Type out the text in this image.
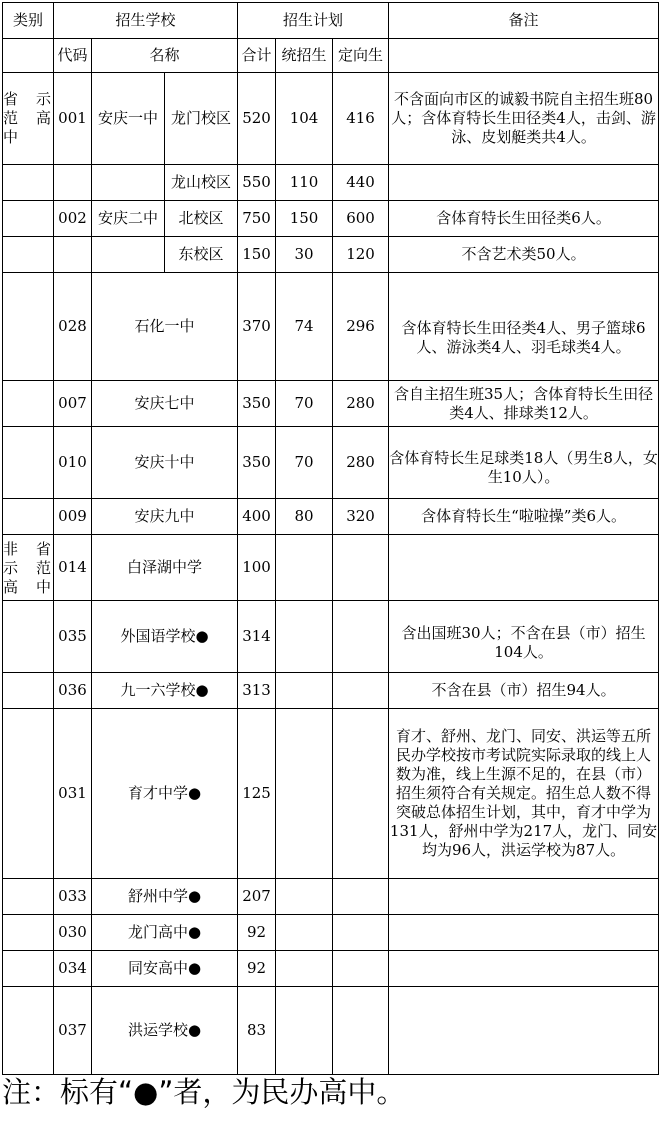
类别	招生学校			招生计划			备注
	代码	名称		合计	统招生	定向生	

省示范高中	001	安庆一中	龙门校区	520	104	416	不含面向市区的诚毅书院自主招生班80人；含体育特长生田径类4人，击剑、游泳、皮划艇类共4人。
			龙山校区	550	110	440	
	002	安庆二中	北校区	750	150	600	含体育特长生田径类6人。
			东校区	150	30	120	不含艺术类50人。
	028	石化一中		370	74	296	含体育特长生田径类4人、男子篮球6人、游泳类4人、羽毛球类4人。
	007	安庆七中		350	70	280	含自主招生班35人；含体育特长生田径类4人、排球类12人。
	010	安庆十中		350	70	280	含体育特长生足球类18人（男生8人，女生10人）。
	009	安庆九中		400	80	320	含体育特长生“啦啦操”类6人。

非省示范高中	014	白泽湖中学		100			
	035	外国语学校●		314			含出国班30人；不含在县（市）招生104人。
	036	九一六学校●		313			不含在县（市）招生94人。
	031	育才中学●		125			育才、舒州、龙门、同安、洪运等五所民办学校按市考试院实际录取的线上人数为准，线上生源不足的，在县（市）招生须符合有关规定。招生总人数不得突破总体招生计划，其中，育才中学为131人，舒州中学为217人，龙门、同安均为96人，洪运学校为87人。
	033	舒州中学●		207			
	030	龙门高中●		92			
	034	同安高中●		92			
	037	洪运学校●		83			
注：标有“●”者，为民办高中。
